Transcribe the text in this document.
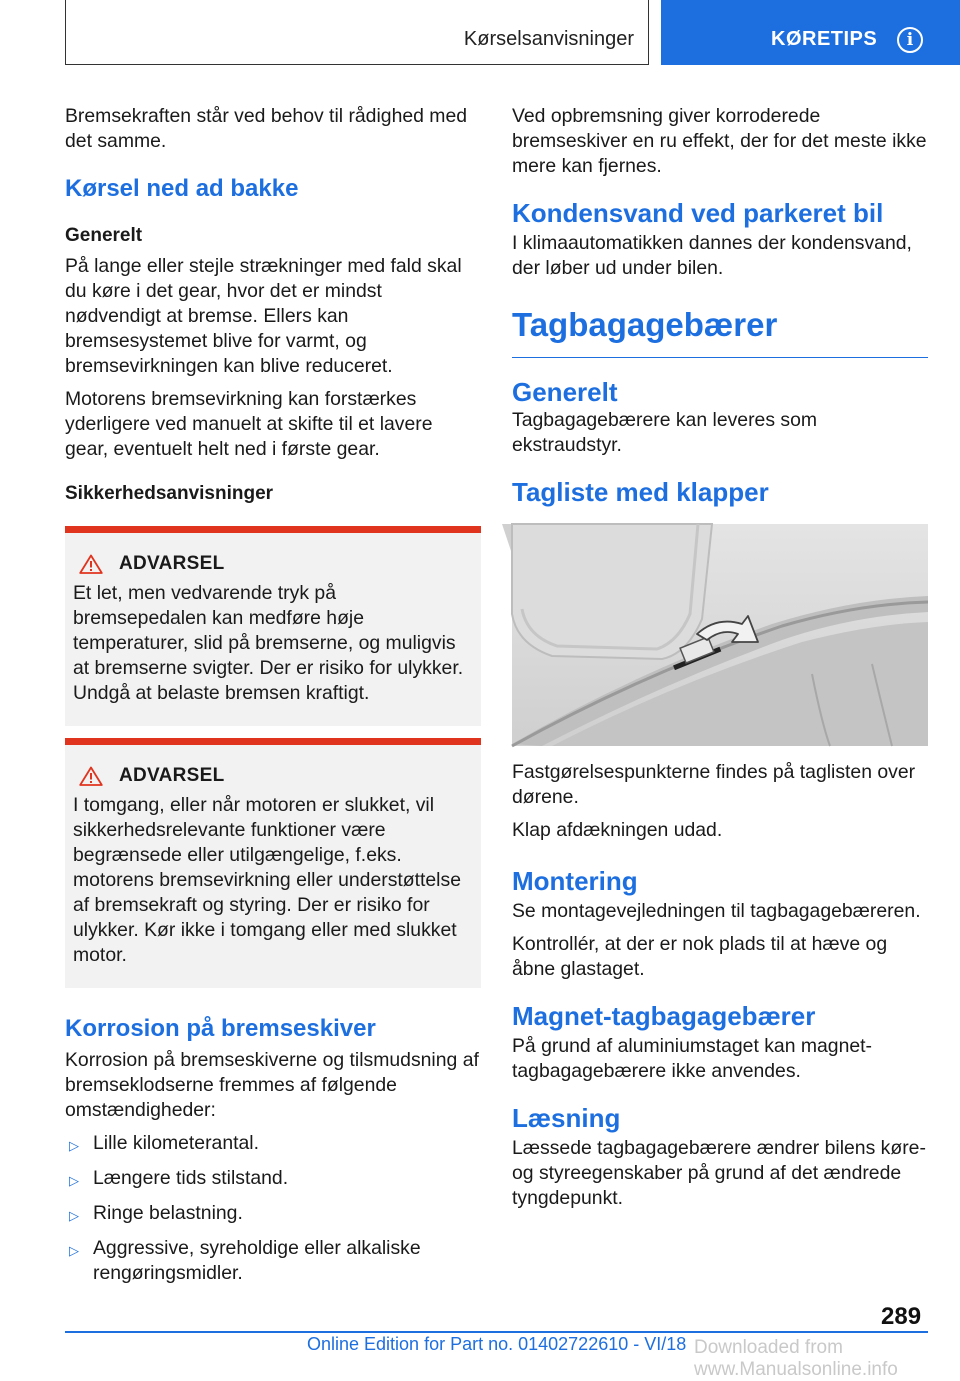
Kørselsanvisninger	KØRETIPS	i

Bremsekraften står ved behov til rådighed med det samme.

Kørsel ned ad bakke
Generelt

På lange eller stejle strækninger med fald skal du køre i det gear, hvor det er mindst nødvendigt at bremse. Ellers kan bremsesystemet blive for varmt, og bremsevirkningen kan blive reduceret.

Motorens bremsevirkning kan forstærkes yderligere ved manuelt at skifte til et lavere gear, eventuelt helt ned i første gear.

Sikkerhedsanvisninger
ADVARSEL

Et let, men vedvarende tryk på bremsepedalen kan medføre høje temperaturer, slid på bremserne, og muligvis at bremserne svigter. Der er risiko for ulykker. Undgå at belaste bremsen kraftigt.

ADVARSEL

I tomgang, eller når motoren er slukket, vil sikkerhedsrelevante funktioner være begrænsede eller utilgængelige, f.eks. motorens bremsevirkning eller understøttelse af bremsekraft og styring. Der er risiko for ulykker. Kør ikke i tomgang eller med slukket motor.

Korrosion på bremseskiver

Korrosion på bremseskiverne og tilsmudsning af bremseklodserne fremmes af følgende omstændigheder:

▷ Lille kilometerantal.
▷ Længere tids stilstand.
▷ Ringe belastning.
▷ Aggressive, syreholdige eller alkaliske rengøringsmidler.

Ved opbremsning giver korroderede bremseskiver en ru effekt, der for det meste ikke mere kan fjernes.

Kondensvand ved parkeret bil

I klimaautomatikken dannes der kondensvand, der løber ud under bilen.

Tagbagagebærer
Generelt

Tagbagagebærere kan leveres som ekstraudstyr.

Tagliste med klapper

Fastgørelsespunkterne findes på taglisten over dørene.

Klap afdækningen udad.

Montering

Se montagevejledningen til tagbagagebæreren.

Kontrollér, at der er nok plads til at hæve og åbne glastaget.

Magnet-tagbagagebærer

På grund af aluminiumstaget kan magnet-tagbagagebærere ikke anvendes.

Læsning

Læssede tagbagagebærere ændrer bilens køre- og styreegenskaber på grund af det ændrede tyngdepunkt.

289
Online Edition for Part no. 01402722610 - VI/18 Downloaded from www.Manualsonline.info
